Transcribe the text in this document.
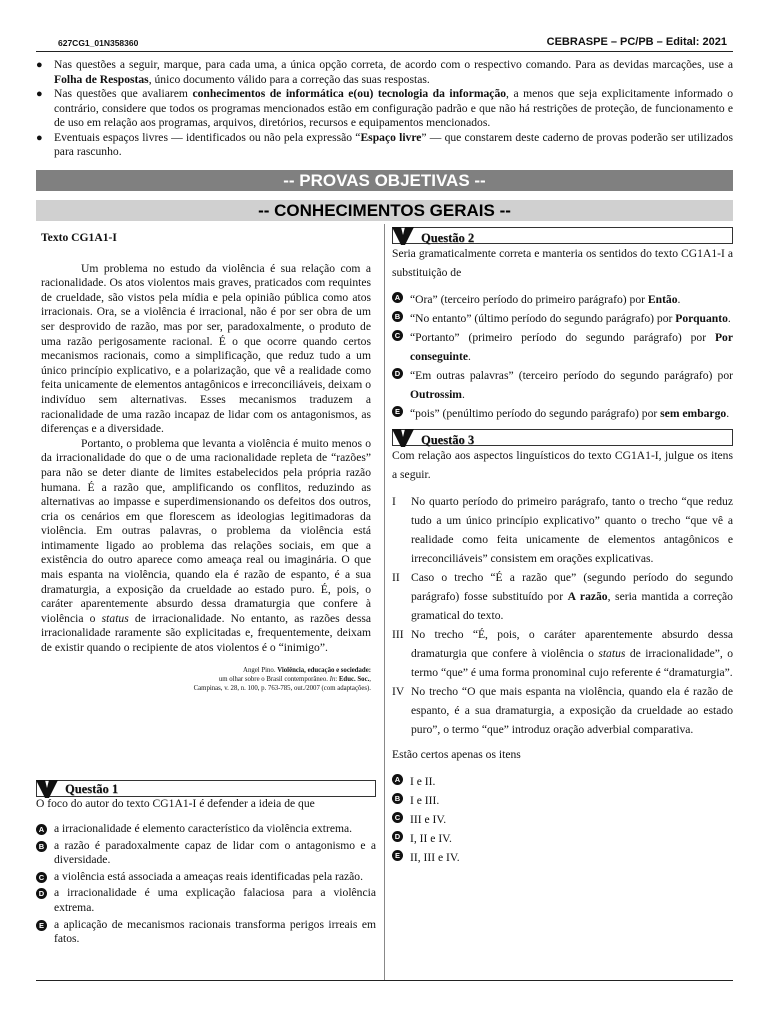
627CG1_01N358360	CEBRASPE – PC/PB – Edital: 2021
● Nas questões a seguir, marque, para cada uma, a única opção correta, de acordo com o respectivo comando. Para as devidas marcações, use a Folha de Respostas, único documento válido para a correção das suas respostas.
● Nas questões que avaliarem conhecimentos de informática e(ou) tecnologia da informação, a menos que seja explicitamente informado o contrário, considere que todos os programas mencionados estão em configuração padrão e que não há restrições de proteção, de funcionamento e de uso em relação aos programas, arquivos, diretórios, recursos e equipamentos mencionados.
● Eventuais espaços livres — identificados ou não pela expressão “Espaço livre” — que constarem deste caderno de provas poderão ser utilizados para rascunho.
-- PROVAS OBJETIVAS --
-- CONHECIMENTOS GERAIS --
Texto CG1A1-I

Um problema no estudo da violência é sua relação com a racionalidade. Os atos violentos mais graves, praticados com requintes de crueldade, são vistos pela mídia e pela opinião pública como atos irracionais. Ora, se a violência é irracional, não é por ser obra de um ser desprovido de razão, mas por ser, paradoxalmente, o produto de uma razão perigosamente racional. É o que ocorre quando certos mecanismos racionais, como a simplificação, que reduz tudo a um único princípio explicativo, e a polarização, que vê a realidade como feita unicamente de elementos antagônicos e irreconciliáveis, deixam o indivíduo sem alternativas. Esses mecanismos traduzem a racionalidade de uma razão incapaz de lidar com os antagonismos, as diferenças e a diversidade.

Portanto, o problema que levanta a violência é muito menos o da irracionalidade do que o de uma racionalidade repleta de “razões” para não se deter diante de limites estabelecidos pela própria razão humana. É a razão que, amplificando os conflitos, reduzindo as alternativas ao impasse e superdimensionando os defeitos dos outros, cria os cenários em que florescem as ideologias legitimadoras da violência. Em outras palavras, o problema da violência está intimamente ligado ao problema das relações sociais, em que a existência do outro aparece como ameaça real ou imaginária. O que mais espanta na violência, quando ela é razão de espanto, é a sua dramaturgia, a exposição da crueldade ao estado puro. É, pois, o caráter aparentemente absurdo dessa dramaturgia que confere à violência o status de irracionalidade. No entanto, as razões dessa irracionalidade raramente são explicitadas e, frequentemente, deixam de existir quando o recipiente de atos violentos é o “inimigo”.

Angel Pino. Violência, educação e sociedade:
um olhar sobre o Brasil contemporâneo. In: Educ. Soc.,
Campinas, v. 28, n. 100, p. 763-785, out./2007 (com adaptações).
Questão 1
O foco do autor do texto CG1A1-I é defender a ideia de que
A a irracionalidade é elemento característico da violência extrema.
B a razão é paradoxalmente capaz de lidar com o antagonismo e a diversidade.
C a violência está associada a ameaças reais identificadas pela razão.
D a irracionalidade é uma explicação falaciosa para a violência extrema.
E a aplicação de mecanismos racionais transforma perigos irreais em fatos.
Questão 2

Seria gramaticalmente correta e manteria os sentidos do texto CG1A1-I a substituição de

A “Ora” (terceiro período do primeiro parágrafo) por Então.
B “No entanto” (último período do segundo parágrafo) por Porquanto.
C “Portanto” (primeiro período do segundo parágrafo) por Por conseguinte.
D “Em outras palavras” (terceiro período do segundo parágrafo) por Outrossim.
E “pois” (penúltimo período do segundo parágrafo) por sem embargo.
Questão 3

Com relação aos aspectos linguísticos do texto CG1A1-I, julgue os itens a seguir.

I No quarto período do primeiro parágrafo, tanto o trecho “que reduz tudo a um único princípio explicativo” quanto o trecho “que vê a realidade como feita unicamente de elementos antagônicos e irreconciliáveis” consistem em orações explicativas.
II Caso o trecho “É a razão que” (segundo período do segundo parágrafo) fosse substituído por A razão, seria mantida a correção gramatical do texto.
III No trecho “É, pois, o caráter aparentemente absurdo dessa dramaturgia que confere à violência o status de irracionalidade”, o termo “que” é uma forma pronominal cujo referente é “dramaturgia”.
IV No trecho “O que mais espanta na violência, quando ela é razão de espanto, é a sua dramaturgia, a exposição da crueldade ao estado puro”, o termo “que” introduz oração adverbial comparativa.

Estão certos apenas os itens

A I e II.
B I e III.
C III e IV.
D I, II e IV.
E II, III e IV.
